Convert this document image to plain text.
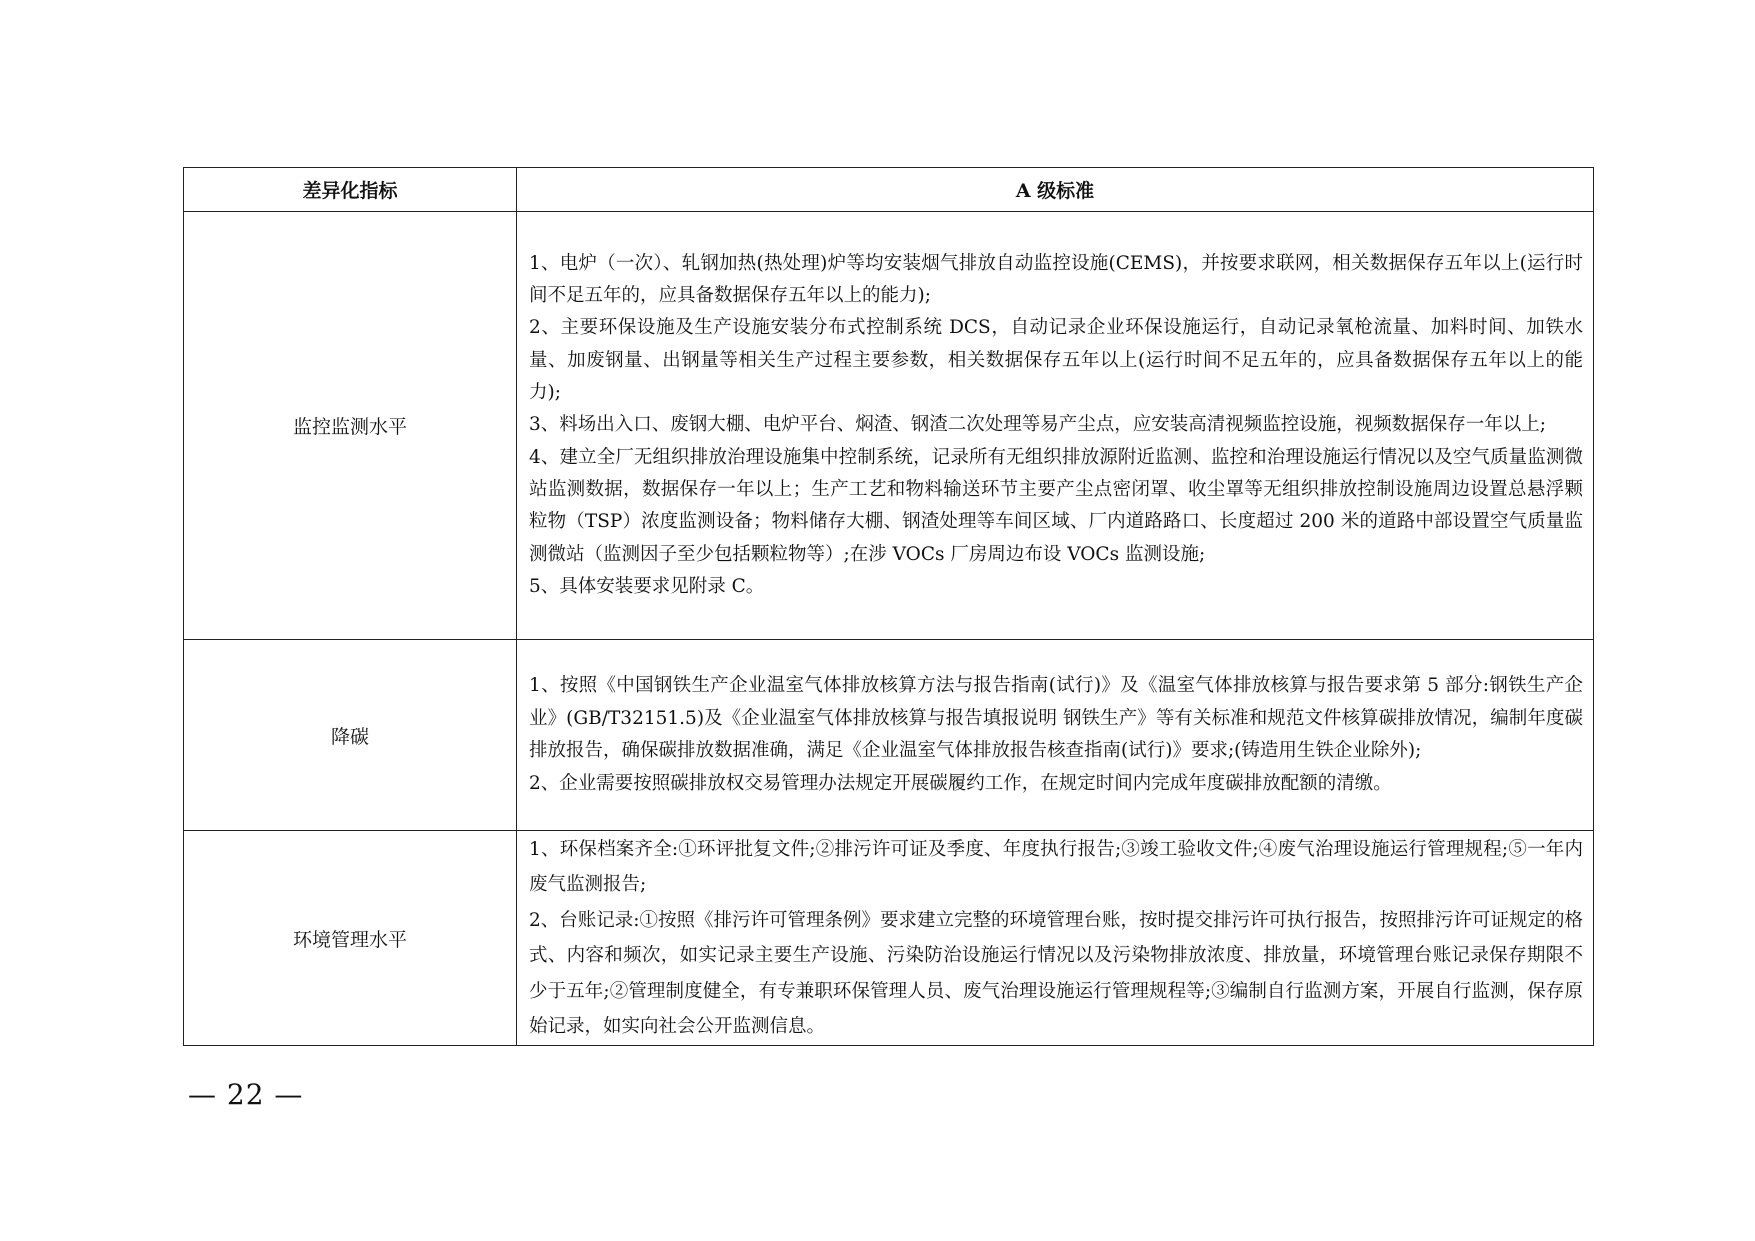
差异化指标	A 级标准
监控监测水平	1、电炉（一次）、轧钢加热(热处理)炉等均安装烟气排放自动监控设施(CEMS)，并按要求联网，相关数据保存五年以上(运行时间不足五年的，应具备数据保存五年以上的能力);

2、主要环保设施及生产设施安装分布式控制系统 DCS，自动记录企业环保设施运行，自动记录氧枪流量、加料时间、加铁水量、加废钢量、出钢量等相关生产过程主要参数，相关数据保存五年以上(运行时间不足五年的，应具备数据保存五年以上的能力);

3、料场出入口、废钢大棚、电炉平台、焖渣、钢渣二次处理等易产尘点，应安装高清视频监控设施，视频数据保存一年以上;

4、建立全厂无组织排放治理设施集中控制系统，记录所有无组织排放源附近监测、监控和治理设施运行情况以及空气质量监测微站监测数据，数据保存一年以上；生产工艺和物料输送环节主要产尘点密闭罩、收尘罩等无组织排放控制设施周边设置总悬浮颗粒物（TSP）浓度监测设备；物料储存大棚、钢渣处理等车间区域、厂内道路路口、长度超过 200 米的道路中部设置空气质量监测微站（监测因子至少包括颗粒物等）;在涉 VOCs 厂房周边布设 VOCs 监测设施;

5、具体安装要求见附录 C。

降碳	1、按照《中国钢铁生产企业温室气体排放核算方法与报告指南(试行)》及《温室气体排放核算与报告要求第 5 部分:钢铁生产企业》(GB/T32151.5)及《企业温室气体排放核算与报告填报说明 钢铁生产》等有关标准和规范文件核算碳排放情况，编制年度碳排放报告，确保碳排放数据准确，满足《企业温室气体排放报告核查指南(试行)》要求;(铸造用生铁企业除外);

2、企业需要按照碳排放权交易管理办法规定开展碳履约工作，在规定时间内完成年度碳排放配额的清缴。

环境管理水平	1、环保档案齐全:①环评批复文件;②排污许可证及季度、年度执行报告;③竣工验收文件;④废气治理设施运行管理规程;⑤一年内废气监测报告;

2、台账记录:①按照《排污许可管理条例》要求建立完整的环境管理台账，按时提交排污许可执行报告，按照排污许可证规定的格式、内容和频次，如实记录主要生产设施、污染防治设施运行情况以及污染物排放浓度、排放量，环境管理台账记录保存期限不少于五年;②管理制度健全，有专兼职环保管理人员、废气治理设施运行管理规程等;③编制自行监测方案，开展自行监测，保存原始记录，如实向社会公开监测信息。

— 22 —
